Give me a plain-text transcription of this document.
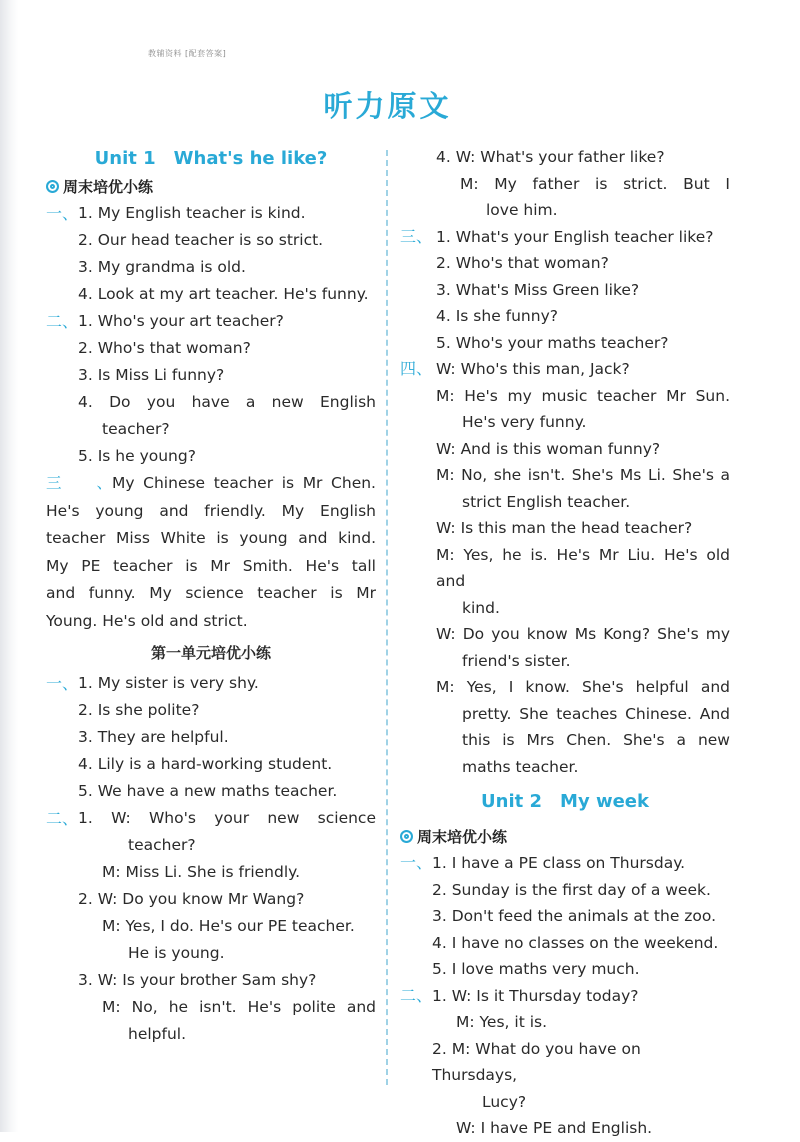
教辅资料 [配套答案]
听力原文
Unit 1 What's he like?
周末培优小练
一、 1. My English teacher is kind.
2. Our head teacher is so strict.
3. My grandma is old.
4. Look at my art teacher. He's funny.
二、 1. Who's your art teacher?
2. Who's that woman?
3. Is Miss Li funny?
4. Do you have a new English
teacher?
5. Is he young?
三、My Chinese teacher is Mr Chen.
He's young and friendly. My English
teacher Miss White is young and kind.
My PE teacher is Mr Smith. He's tall
and funny. My science teacher is Mr
Young. He's old and strict.
第一单元培优小练
一、 1. My sister is very shy.
2. Is she polite?
3. They are helpful.
4. Lily is a hard-working student.
5. We have a new maths teacher.
二、 1. W: Who's your new science
teacher?
M: Miss Li. She is friendly.
2. W: Do you know Mr Wang?
M: Yes, I do. He's our PE teacher.
He is young.
3. W: Is your brother Sam shy?
M: No, he isn't. He's polite and
helpful.
4. W: What's your father like?
M: My father is strict. But I
love him.
三、 1. What's your English teacher like?
2. Who's that woman?
3. What's Miss Green like?
4. Is she funny?
5. Who's your maths teacher?
四、 W: Who's this man, Jack?
M: He's my music teacher Mr Sun.
He's very funny.
W: And is this woman funny?
M: No, she isn't. She's Ms Li. She's a
strict English teacher.
W: Is this man the head teacher?
M: Yes, he is. He's Mr Liu. He's old and
kind.
W: Do you know Ms Kong? She's my
friend's sister.
M: Yes, I know. She's helpful and
pretty. She teaches Chinese. And
this is Mrs Chen. She's a new
maths teacher.
Unit 2 My week
周末培优小练
一、 1. I have a PE class on Thursday.
2. Sunday is the first day of a week.
3. Don't feed the animals at the zoo.
4. I have no classes on the weekend.
5. I love maths very much.
二、 1. W: Is it Thursday today?
M: Yes, it is.
2. M: What do you have on Thursdays,
Lucy?
W: I have PE and English.
